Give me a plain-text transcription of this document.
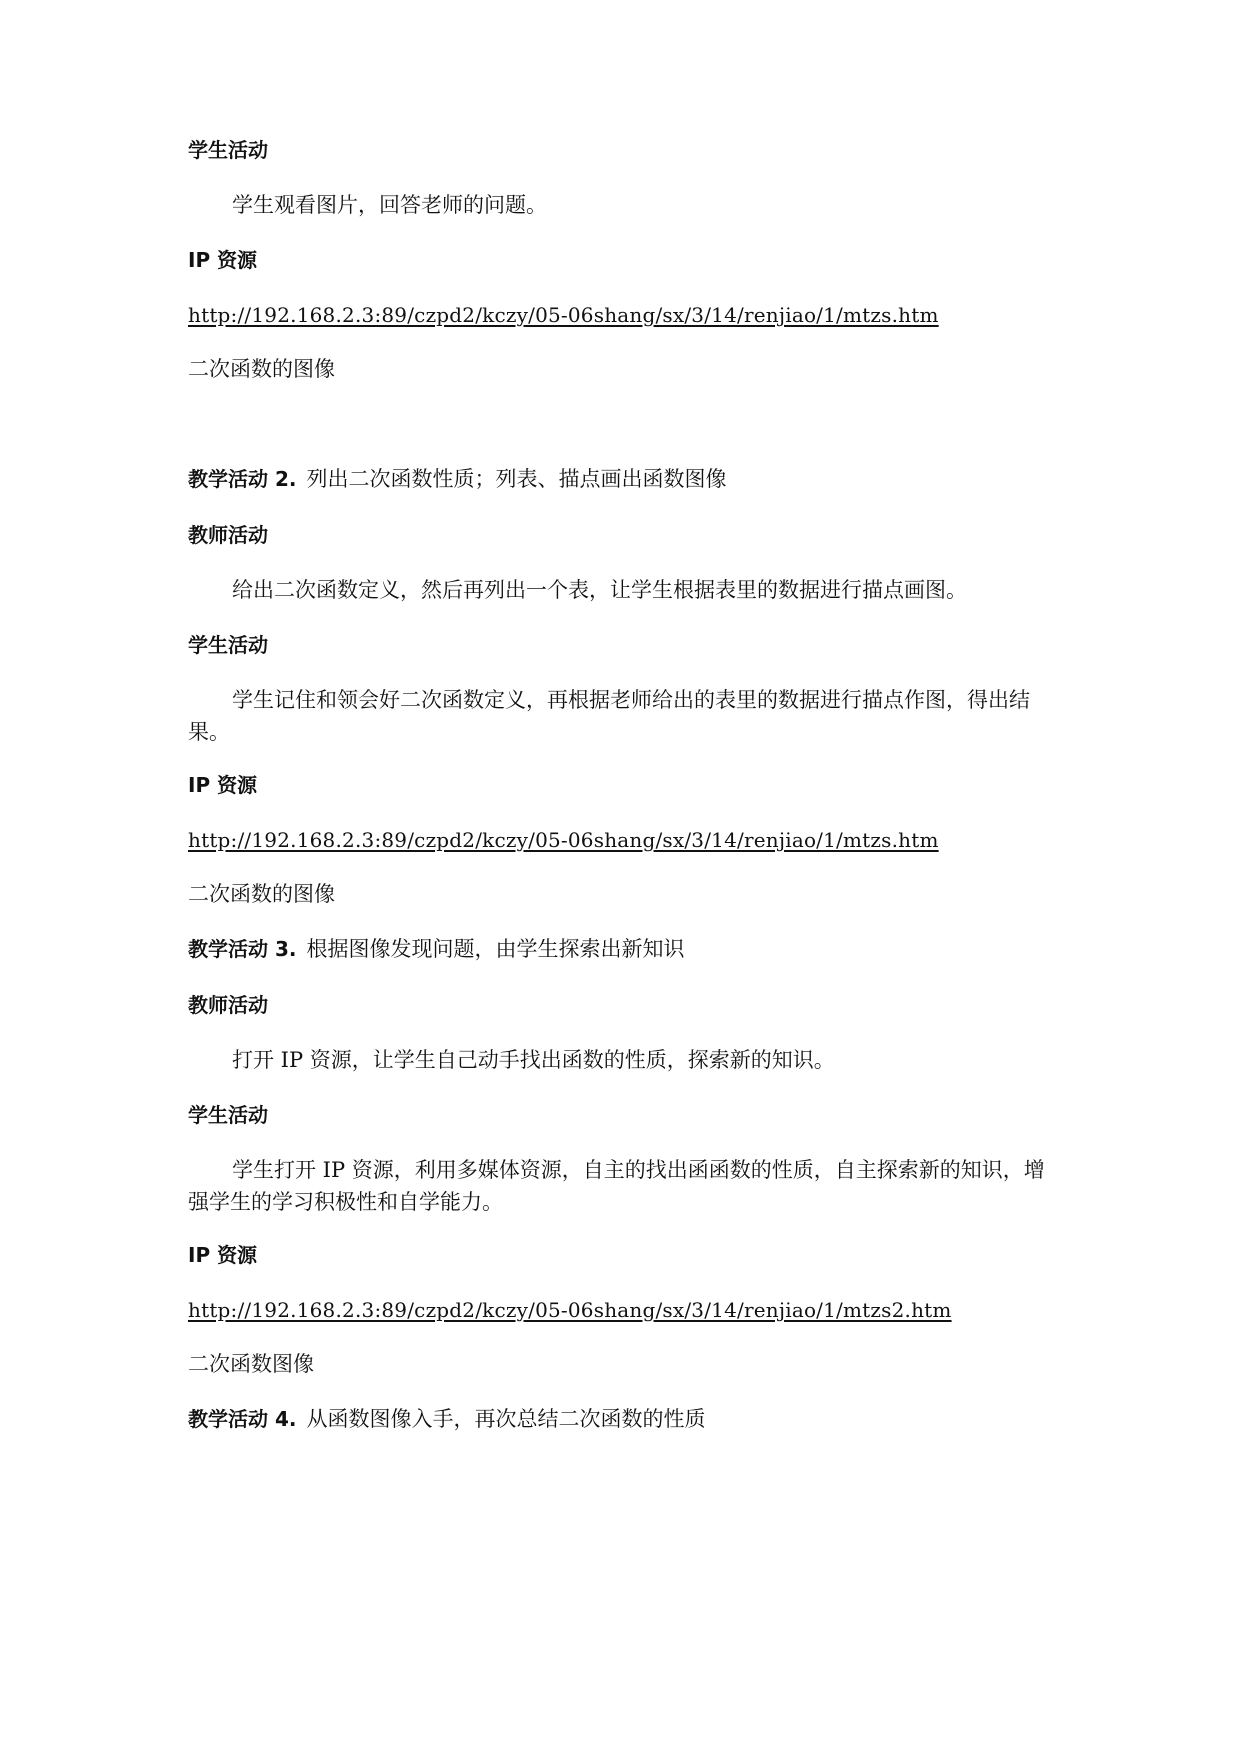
学生活动
学生观看图片，回答老师的问题。
IP 资源
http://192.168.2.3:89/czpd2/kczy/05-06shang/sx/3/14/renjiao/1/mtzs.htm
二次函数的图像
教学活动 2. 列出二次函数性质；列表、描点画出函数图像
教师活动
给出二次函数定义，然后再列出一个表，让学生根据表里的数据进行描点画图。
学生活动
学生记住和领会好二次函数定义，再根据老师给出的表里的数据进行描点作图，得出结果。
IP 资源
http://192.168.2.3:89/czpd2/kczy/05-06shang/sx/3/14/renjiao/1/mtzs.htm
二次函数的图像
教学活动 3. 根据图像发现问题，由学生探索出新知识
教师活动
打开 IP 资源，让学生自己动手找出函数的性质，探索新的知识。
学生活动
学生打开 IP 资源，利用多媒体资源，自主的找出函函数的性质，自主探索新的知识，增强学生的学习积极性和自学能力。
IP 资源
http://192.168.2.3:89/czpd2/kczy/05-06shang/sx/3/14/renjiao/1/mtzs2.htm
二次函数图像
教学活动 4. 从函数图像入手，再次总结二次函数的性质
